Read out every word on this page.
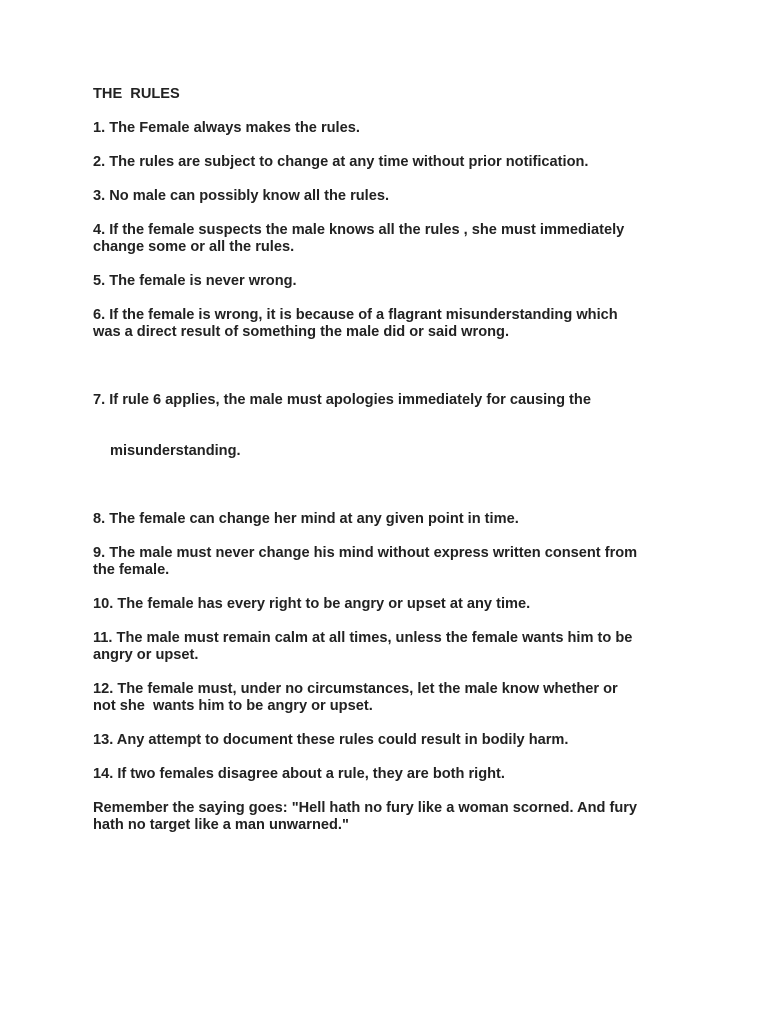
THE  RULES
1. The Female always makes the rules.
2. The rules are subject to change at any time without prior notification.
3. No male can possibly know all the rules.
4. If the female suspects the male knows all the rules , she must immediately
change some or all the rules.
5. The female is never wrong.
6. If the female is wrong, it is because of a flagrant misunderstanding which
was a direct result of something the male did or said wrong.

7. If rule 6 applies, the male must apologies immediately for causing the

misunderstanding.

8. The female can change her mind at any given point in time.
9. The male must never change his mind without express written consent from
the female.
10. The female has every right to be angry or upset at any time.
11. The male must remain calm at all times, unless the female wants him to be
angry or upset.
12. The female must, under no circumstances, let the male know whether or
not she  wants him to be angry or upset.
13. Any attempt to document these rules could result in bodily harm.
14. If two females disagree about a rule, they are both right.
Remember the saying goes: "Hell hath no fury like a woman scorned. And fury
hath no target like a man unwarned."
